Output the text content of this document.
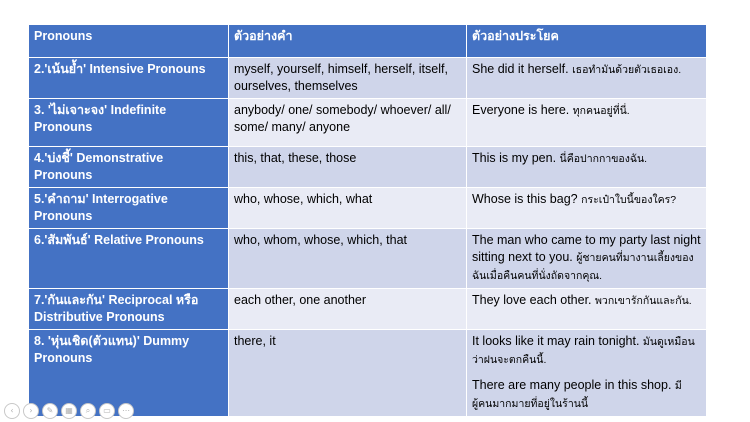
Pronouns	ตัวอย่างคำ	ตัวอย่างประโยค
2.'เน้นย้ำ' Intensive Pronouns	myself, yourself, himself, herself, itself, ourselves, themselves	She did it herself. เธอทำมันด้วยตัวเธอเอง.
3. 'ไม่เจาะจง' Indefinite Pronouns	anybody/ one/ somebody/ whoever/ all/ some/ many/ anyone	Everyone is here. ทุกคนอยู่ที่นี่.
4.'บ่งชี้' Demonstrative Pronouns	this, that, these, those	This is my pen. นี่คือปากกาของฉัน.
5.'คำถาม' Interrogative Pronouns	who, whose, which, what	Whose is this bag? กระเป๋าใบนี้ของใคร?
6.'สัมพันธ์' Relative Pronouns	who, whom, whose, which, that	The man who came to my party last night sitting next to you. ผู้ชายคนที่มางานเลี้ยงของฉันเมื่อคืนคนที่นั่งถัดจากคุณ.
7.'กันและกัน' Reciprocal หรือ Distributive Pronouns	each other, one another	They love each other. พวกเขารักกันและกัน.
8. 'หุ่นเชิด(ตัวแทน)' Dummy Pronouns	there, it	It looks like it may rain tonight. มันดูเหมือนว่าฝนจะตกคืนนี้.
There are many people in this shop. มีผู้คนมากมายที่อยู่ในร้านนี้
‹	›	✎	▦	⌕	▭	⋯
